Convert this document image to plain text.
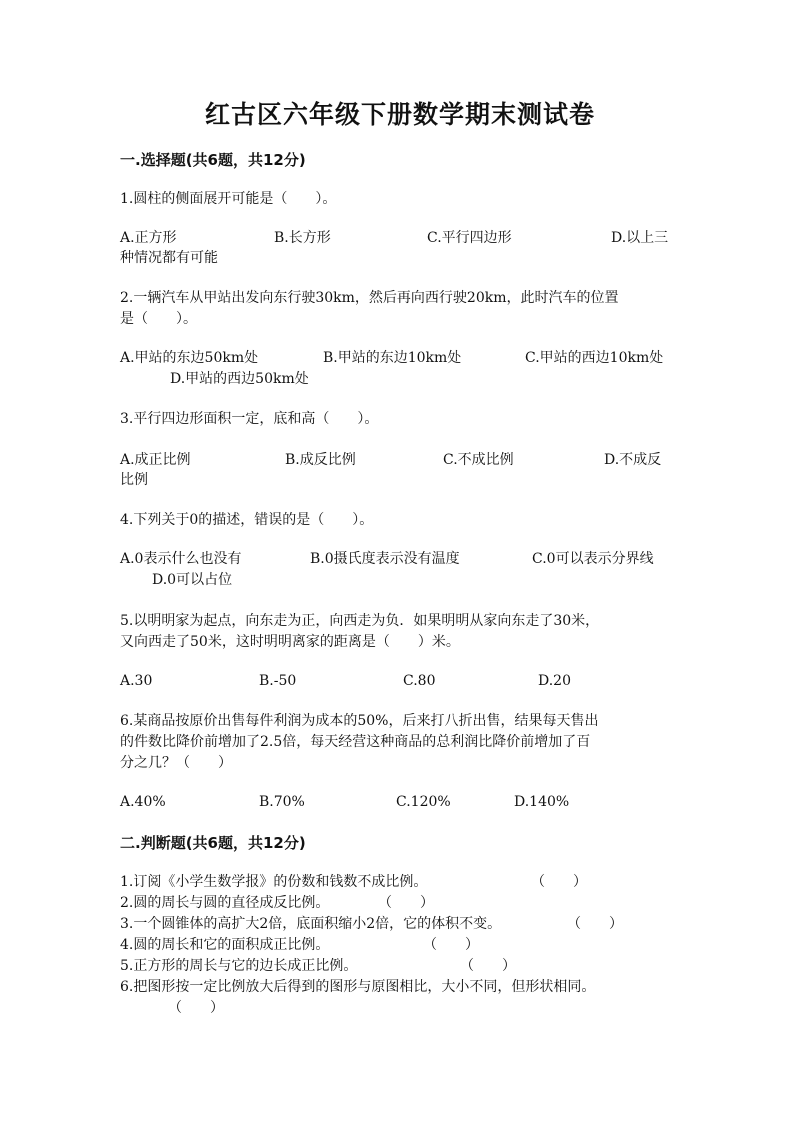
红古区六年级下册数学期末测试卷
一.选择题(共6题，共12分)
1.圆柱的侧面展开可能是（　　）。
A.正方形	B.长方形	C.平行四边形	D.以上三
种情况都有可能
2.一辆汽车从甲站出发向东行驶30km，然后再向西行驶20km，此时汽车的位置
是（　　）。
A.甲站的东边50km处	B.甲站的东边10km处	C.甲站的西边10km处
D.甲站的西边50km处
3.平行四边形面积一定，底和高（　　）。
A.成正比例	B.成反比例	C.不成比例	D.不成反
比例
4.下列关于0的描述，错误的是（　　）。
A.0表示什么也没有	B.0摄氏度表示没有温度	C.0可以表示分界线
D.0可以占位
5.以明明家为起点，向东走为正，向西走为负．如果明明从家向东走了30米，
又向西走了50米，这时明明离家的距离是（　　）米。
A.30	B.-50	C.80	D.20
6.某商品按原价出售每件利润为成本的50%，后来打八折出售，结果每天售出
的件数比降价前增加了2.5倍，每天经营这种商品的总利润比降价前增加了百
分之几？（　　）
A.40%	B.70%	C.120%	D.140%
二.判断题(共6题，共12分)
1.订阅《小学生数学报》的份数和钱数不成比例。	（　　）
2.圆的周长与圆的直径成反比例。	（　　）
3.一个圆锥体的高扩大2倍，底面积缩小2倍，它的体积不变。	（　　）
4.圆的周长和它的面积成正比例。	（　　）
5.正方形的周长与它的边长成正比例。	（　　）
6.把图形按一定比例放大后得到的图形与原图相比，大小不同，但形状相同。
（　　）
